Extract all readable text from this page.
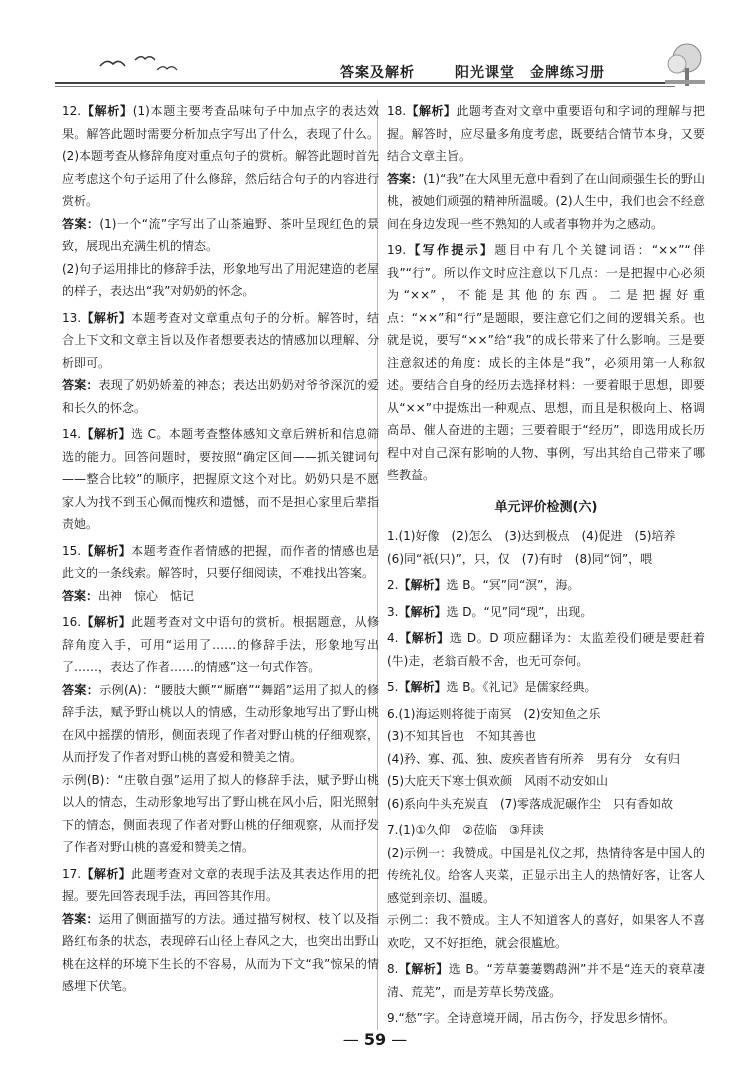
答案及解析	阳光课堂　金牌练习册

12.【解析】(1)本题主要考查品味句子中加点字的表达效果。解答此题时需要分析加点字写出了什么，表现了什么。(2)本题考查从修辞角度对重点句子的赏析。解答此题时首先应考虑这个句子运用了什么修辞，然后结合句子的内容进行赏析。

答案：(1)一个“流”字写出了山茶遍野、茶叶呈现红色的景致，展现出充满生机的情态。

(2)句子运用排比的修辞手法，形象地写出了用泥建造的老屋的样子，表达出“我”对奶奶的怀念。

13.【解析】本题考查对文章重点句子的分析。解答时，结合上下文和文章主旨以及作者想要表达的情感加以理解、分析即可。

答案：表现了奶奶娇羞的神态；表达出奶奶对爷爷深沉的爱和长久的怀念。

14.【解析】选 C。本题考查整体感知文章后辨析和信息筛选的能力。回答问题时，要按照“确定区间——抓关键词句——整合比较”的顺序，把握原文这个对比。奶奶只是不愿家人为找不到玉心佩而愧疚和遗憾，而不是担心家里后辈指责她。

15.【解析】本题考查作者情感的把握，而作者的情感也是此文的一条线索。解答时，只要仔细阅读，不难找出答案。

答案：出神　惊心　惦记

16.【解析】此题考查对文中语句的赏析。根据题意，从修辞角度入手，可用“运用了……的修辞手法，形象地写出了……，表达了作者……的情感”这一句式作答。

答案：示例(A)：“腰肢大颤”“厮磨”“舞蹈”运用了拟人的修辞手法，赋予野山桃以人的情感，生动形象地写出了野山桃在风中摇摆的情形，侧面表现了作者对野山桃的仔细观察，从而抒发了作者对野山桃的喜爱和赞美之情。

示例(B)：“庄敬自强”运用了拟人的修辞手法，赋予野山桃以人的情态，生动形象地写出了野山桃在风小后，阳光照射下的情态，侧面表现了作者对野山桃的仔细观察，从而抒发了作者对野山桃的喜爱和赞美之情。

17.【解析】此题考查对文章的表现手法及其表达作用的把握。要先回答表现手法，再回答其作用。

答案：运用了侧面描写的方法。通过描写树杈、枝丫以及指路红布条的状态，表现碎石山径上春风之大，也突出出野山桃在这样的环境下生长的不容易，从而为下文“我”惊呆的情感埋下伏笔。

18.【解析】此题考查对文章中重要语句和字词的理解与把握。解答时，应尽量多角度考虑，既要结合情节本身，又要结合文章主旨。

答案：(1)“我”在大风里无意中看到了在山间顽强生长的野山桃，被她们顽强的精神所温暖。(2)人生中，我们也会不经意间在身边发现一些不熟知的人或者事物并为之感动。

19.【写作提示】题目中有几个关键词语：“××”“伴我”“行”。所以作文时应注意以下几点：一是把握中心必须为“××”，不能是其他的东西。二是把握好重点：“××”和“行”是题眼，要注意它们之间的逻辑关系。也就是说，要写“××”给“我”的成长带来了什么影响。三是要注意叙述的角度：成长的主体是“我”，必须用第一人称叙述。要结合自身的经历去选择材料：一要着眼于思想，即要从“××”中提炼出一种观点、思想，而且是积极向上、格调高昂、催人奋进的主题；三要着眼于“经历”，即选用成长历程中对自己深有影响的人物、事例，写出其给自己带来了哪些教益。

单元评价检测(六)

1.(1)好像　(2)怎么　(3)达到极点　(4)促进　(5)培养

(6)同“祇(只)”，只，仅　(7)有时　(8)同“饲”，喂

2.【解析】选 B。“冥”同“溟”，海。

3.【解析】选 D。“见”同“现”，出现。

4.【解析】选 D。D 项应翻译为：太监差役们硬是要赶着(牛)走，老翁百般不舍，也无可奈何。

5.【解析】选 B。《礼记》是儒家经典。

6.(1)海运则将徙于南冥　(2)安知鱼之乐

(3)不知其旨也　不知其善也

(4)矜、寡、孤、独、废疾者皆有所养　男有分　女有归

(5)大庇天下寒士俱欢颜　风雨不动安如山

(6)系向牛头充炭直　(7)零落成泥碾作尘　只有香如故

7.(1)①久仰　②莅临　③拜读

(2)示例一：我赞成。中国是礼仪之邦，热情待客是中国人的传统礼仪。给客人夹菜，正显示出主人的热情好客，让客人感觉到亲切、温暖。

示例二：我不赞成。主人不知道客人的喜好，如果客人不喜欢吃，又不好拒绝，就会很尴尬。

8.【解析】选 B。“芳草萋萋鹦鹉洲”并不是“连天的衰草凄清、荒芜”，而是芳草长势茂盛。

9.“愁”字。全诗意境开阔，吊古伤今，抒发思乡情怀。

— 59 —
